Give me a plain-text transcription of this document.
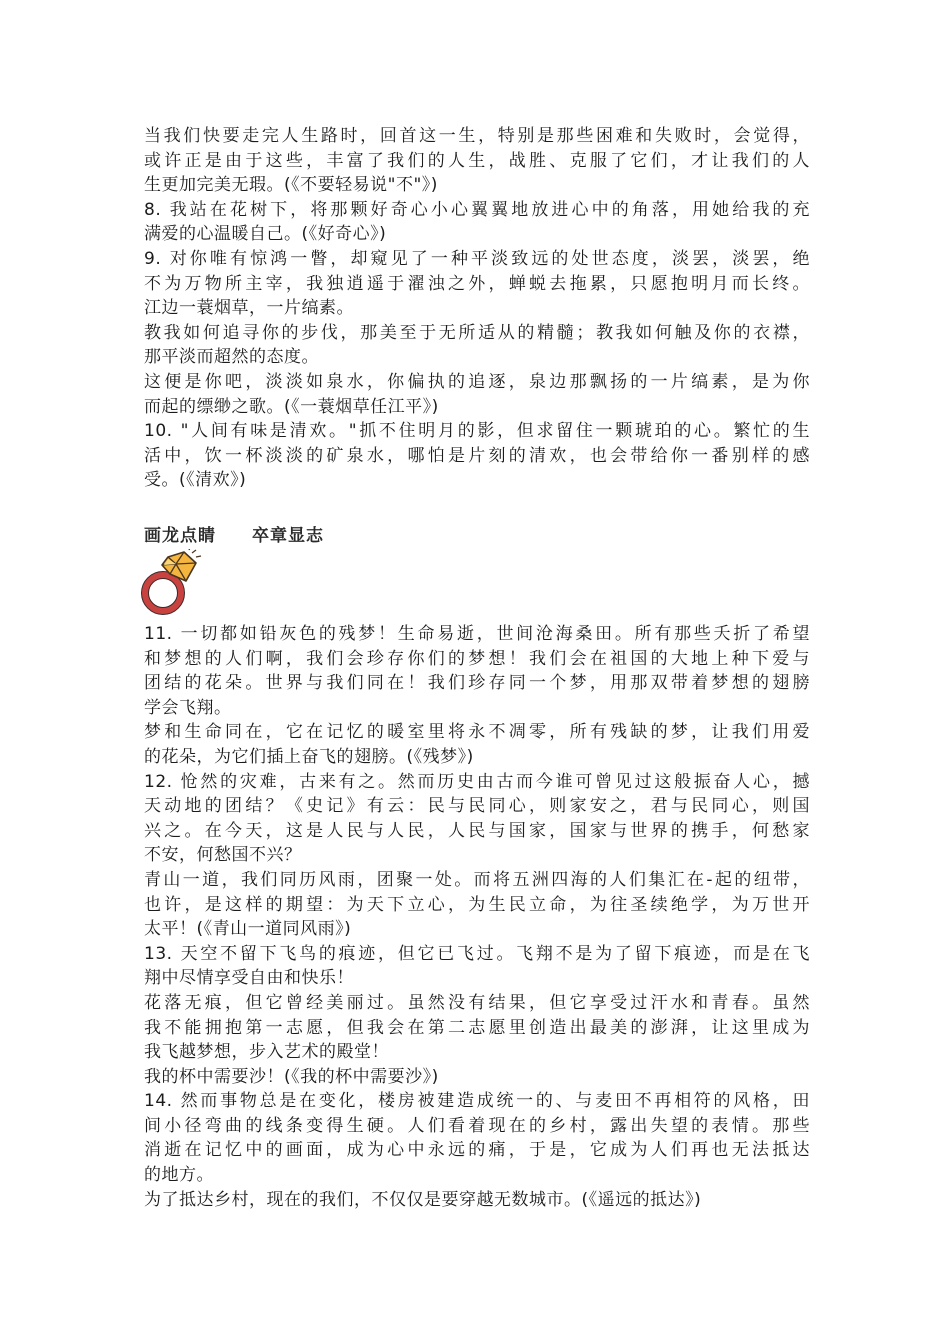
当我们快要走完人生路时，回首这一生，特别是那些困难和失败时，会觉得，
或许正是由于这些，丰富了我们的人生，战胜、克服了它们，才让我们的人
生更加完美无瑕。(《不要轻易说"不"》)
8. 我站在花树下，将那颗好奇心小心翼翼地放进心中的角落，用她给我的充
满爱的心温暖自己。(《好奇心》)
9. 对你唯有惊鸿一瞥，却窥见了一种平淡致远的处世态度，淡罢，淡罢，绝
不为万物所主宰，我独逍遥于濯浊之外，蝉蜕去拖累，只愿抱明月而长终。
江边一蓑烟草，一片缟素。
教我如何追寻你的步伐，那美至于无所适从的精髓；教我如何触及你的衣襟，
那平淡而超然的态度。
这便是你吧，淡淡如泉水，你偏执的追逐，泉边那飘扬的一片缟素，是为你
而起的缥缈之歌。(《一蓑烟草任江平》)
10. "人间有味是清欢。"抓不住明月的影，但求留住一颗琥珀的心。繁忙的生
活中，饮一杯淡淡的矿泉水，哪怕是片刻的清欢，也会带给你一番别样的感
受。(《清欢》)
画龙点睛　　卒章显志
11. 一切都如铅灰色的残梦！生命易逝，世间沧海桑田。所有那些夭折了希望
和梦想的人们啊，我们会珍存你们的梦想！我们会在祖国的大地上种下爱与
团结的花朵。世界与我们同在！我们珍存同一个梦，用那双带着梦想的翅膀
学会飞翔。
梦和生命同在，它在记忆的暖室里将永不凋零，所有残缺的梦，让我们用爱
的花朵，为它们插上奋飞的翅膀。(《残梦》)
12. 怆然的灾难，古来有之。然而历史由古而今谁可曾见过这般振奋人心，撼
天动地的团结？《史记》有云：民与民同心，则家安之，君与民同心，则国
兴之。在今天，这是人民与人民，人民与国家，国家与世界的携手，何愁家
不安，何愁国不兴？
青山一道，我们同历风雨，团聚一处。而将五洲四海的人们集汇在-起的纽带，
也许，是这样的期望：为天下立心，为生民立命，为往圣续绝学，为万世开
太平！(《青山一道同风雨》)
13. 天空不留下飞鸟的痕迹，但它已飞过。飞翔不是为了留下痕迹，而是在飞
翔中尽情享受自由和快乐！
花落无痕，但它曾经美丽过。虽然没有结果，但它享受过汗水和青春。虽然
我不能拥抱第一志愿，但我会在第二志愿里创造出最美的澎湃，让这里成为
我飞越梦想，步入艺术的殿堂！
我的杯中需要沙！(《我的杯中需要沙》)
14. 然而事物总是在变化，楼房被建造成统一的、与麦田不再相符的风格，田
间小径弯曲的线条变得生硬。人们看着现在的乡村，露出失望的表情。那些
消逝在记忆中的画面，成为心中永远的痛，于是，它成为人们再也无法抵达
的地方。
为了抵达乡村，现在的我们，不仅仅是要穿越无数城市。(《遥远的抵达》)
